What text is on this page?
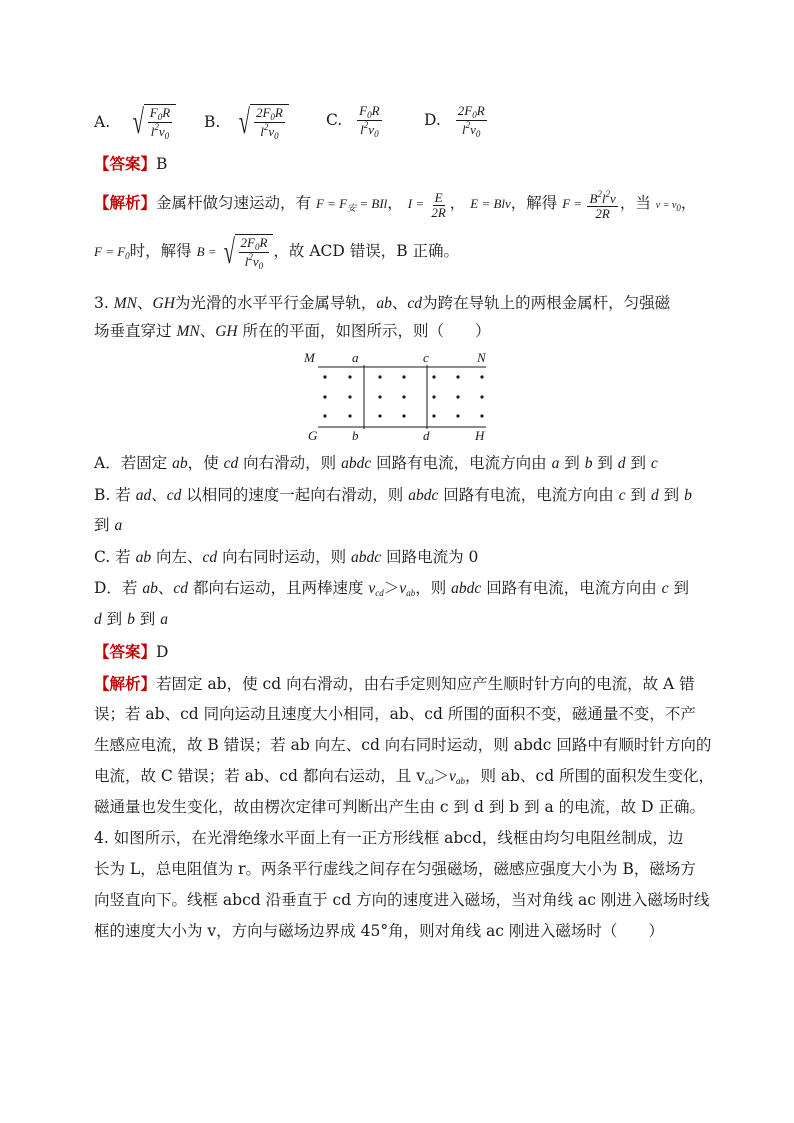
A. √ $\frac{F_0R}{l^2v_0} B$. √ $\frac{2F_0R}{l^2v_0}$	C. $\frac{F_0R}{l^2v_0}$	D. $\frac{2F_0R}{l^2v_0}$
【答案】B
【解析】金属杆做匀速运动，有 $F = F_安$ = BIl， $I = \frac{E}{2R}$ ， E = Blv，解得 $F = \frac{B^2l^2v}{2R}$ ，当 $v = v_0$，
$F = F_0$时，解得 B = √ $\frac{2F_0R}{l^2v_0}$ ，故 ACD 错误，B 正确。
3. MN、GH为光滑的水平平行金属导轨，ab、cd为跨在导轨上的两根金属杆，匀强磁
场垂直穿过 MN、GH 所在的平面，如图所示，则（　　）
M	a	c	N
G	b	d	H
A．若固定 ab，使 cd 向右滑动，则 abdc 回路有电流，电流方向由 a 到 b 到 d 到 c
B. 若 ad、cd 以相同的速度一起向右滑动，则 abdc 回路有电流，电流方向由 c 到 d 到 b
到 a
C. 若 ab 向左、cd 向右同时运动，则 abdc 回路电流为 0
D．若 ab、cd 都向右运动，且两棒速度 $v_{cd}>v_{ab}$，则 abdc 回路有电流，电流方向由 c 到
d 到 b 到 a
【答案】D
【解析】若固定 ab，使 cd 向右滑动，由右手定则知应产生顺时针方向的电流，故 A 错
误；若 ab、cd 同向运动且速度大小相同，ab、cd 所围的面积不变，磁通量不变，不产
生感应电流，故 B 错误；若 ab 向左、cd 向右同时运动，则 abdc 回路中有顺时针方向的
电流，故 C 错误；若 ab、cd 都向右运动，且 $v_{cd}>v_{ab}$，则 ab、cd 所围的面积发生变化，
磁通量也发生变化，故由楞次定律可判断出产生由 c 到 d 到 b 到 a 的电流，故 D 正确。
4. 如图所示，在光滑绝缘水平面上有一正方形线框 abcd，线框由均匀电阻丝制成，边
长为 L，总电阻值为 r。两条平行虚线之间存在匀强磁场，磁感应强度大小为 B，磁场方
向竖直向下。线框 abcd 沿垂直于 cd 方向的速度进入磁场，当对角线 ac 刚进入磁场时线
框的速度大小为 v，方向与磁场边界成 45°角，则对角线 ac 刚进入磁场时（　　）
